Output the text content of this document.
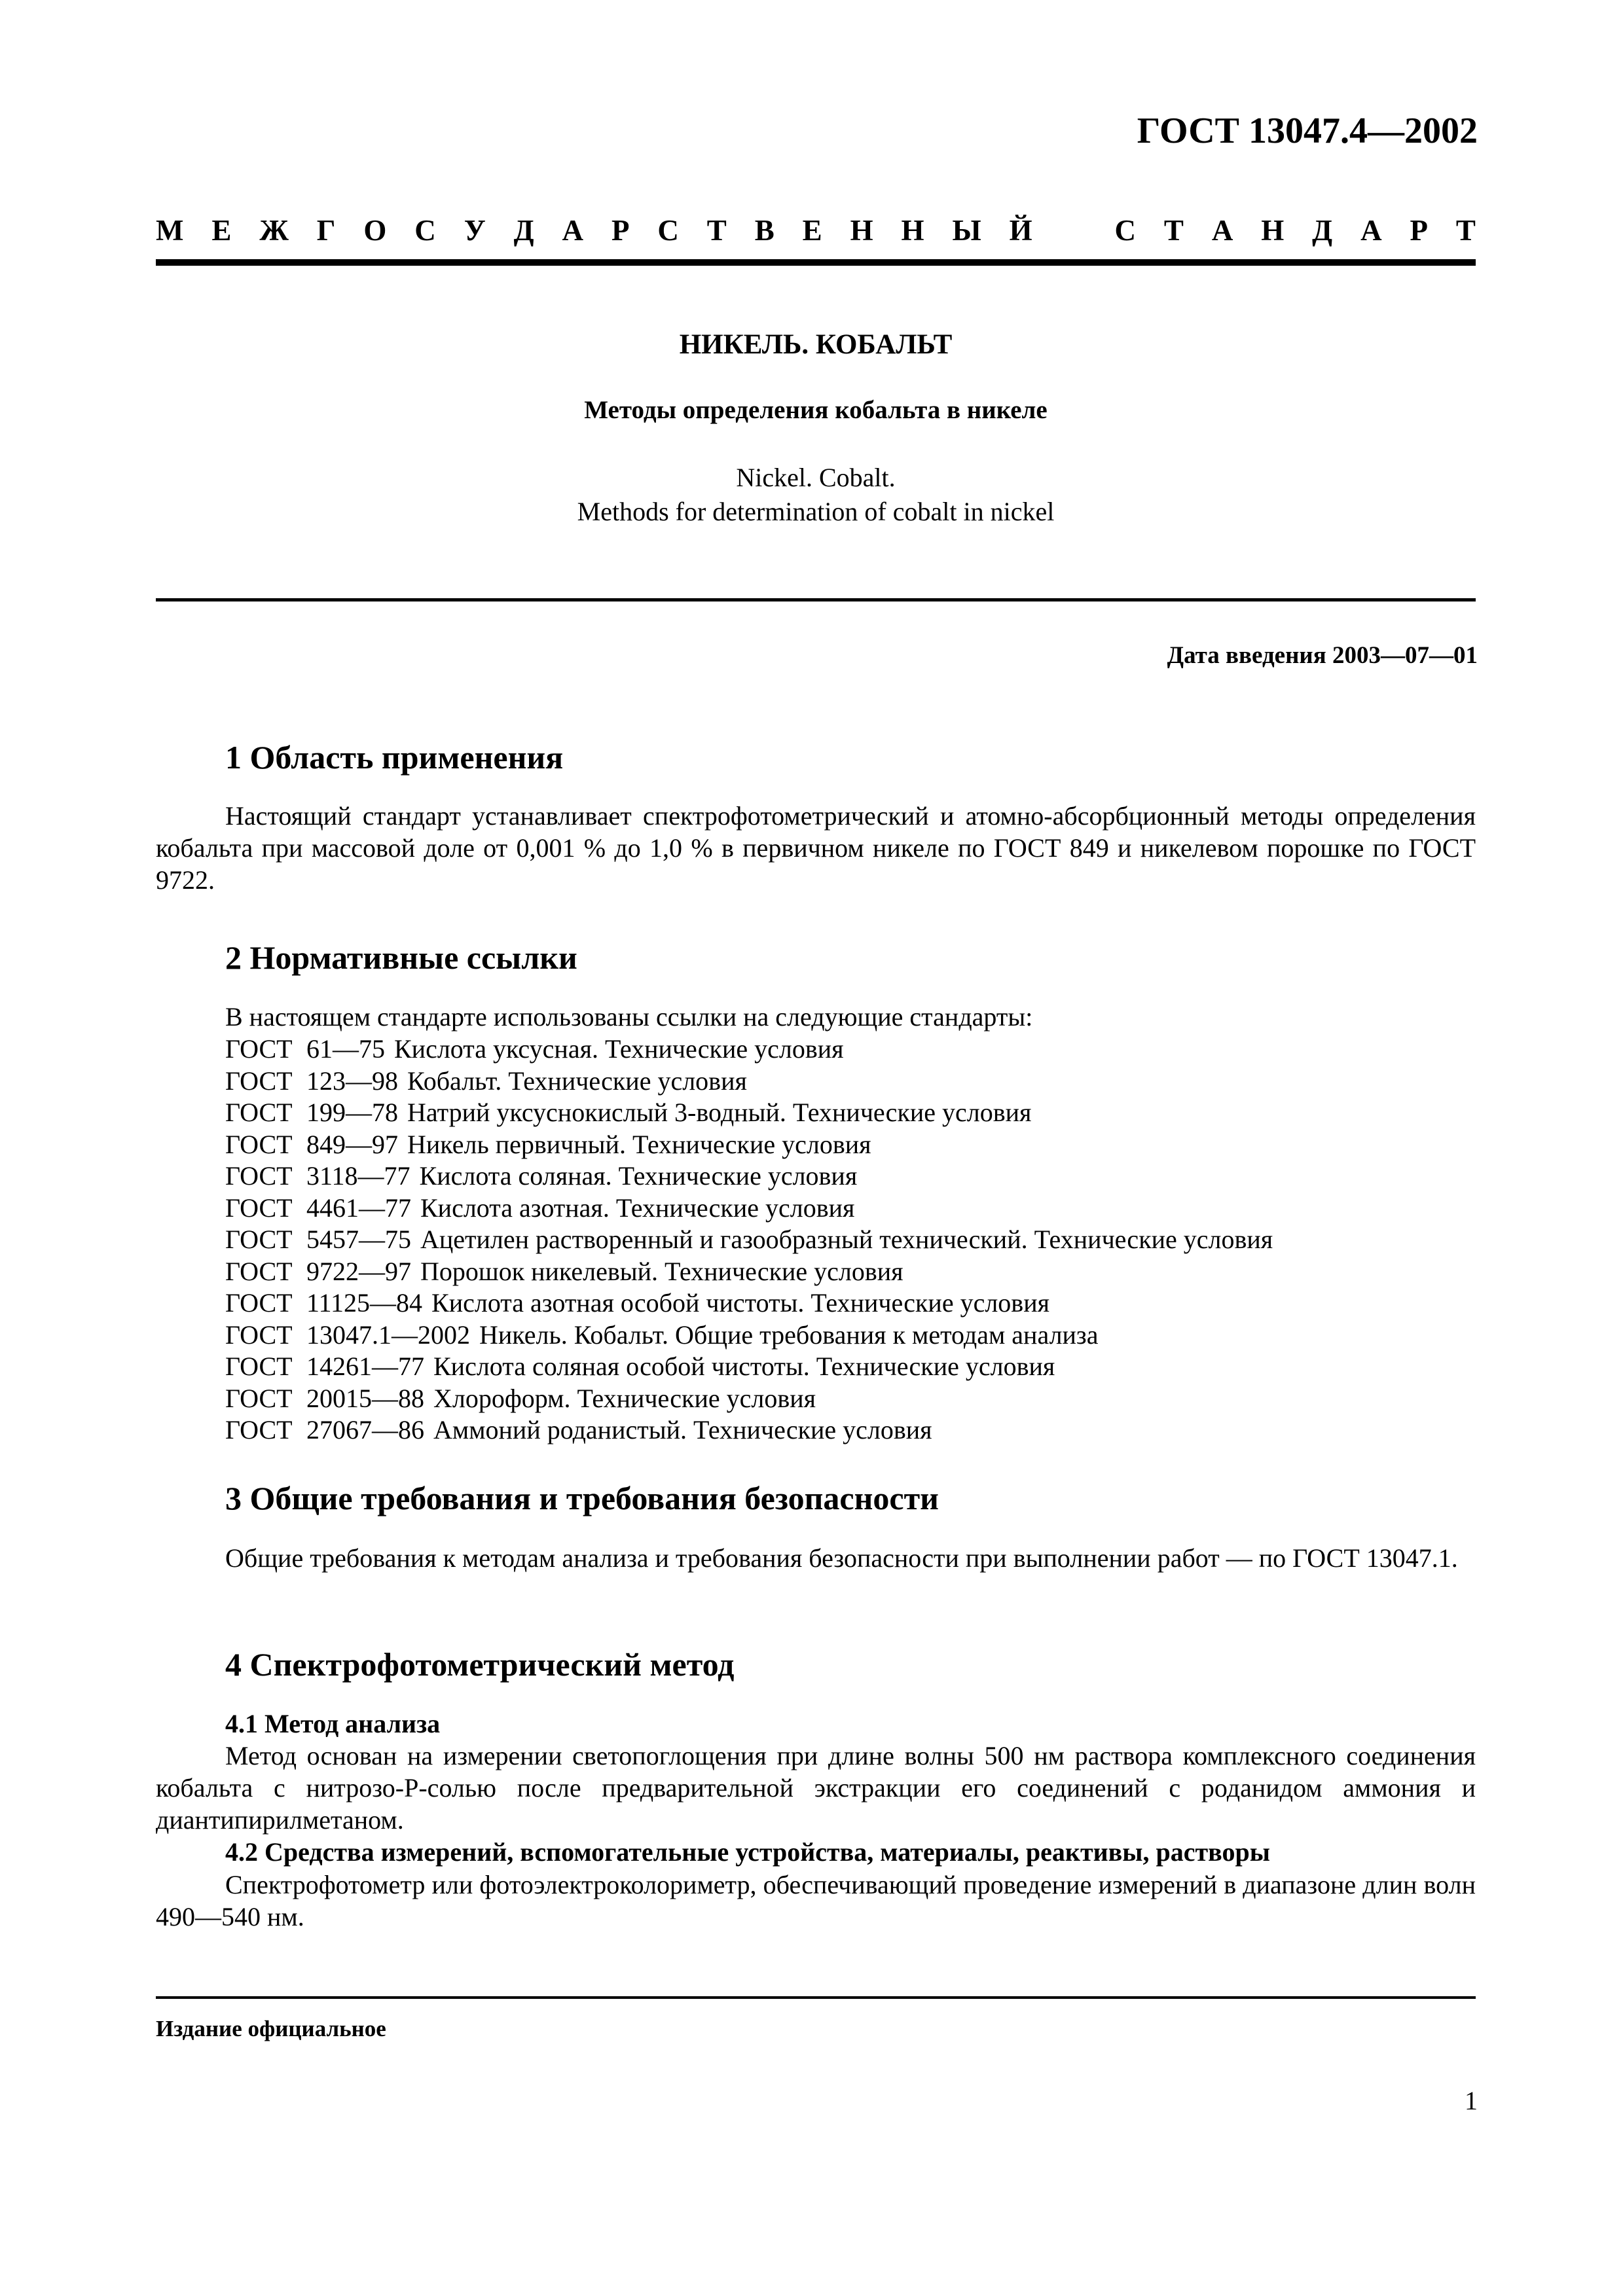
ГОСТ 13047.4—2002
М Е Ж Г О С У Д А Р С Т В Е Н Н Ы Й	С Т А Н Д А Р Т
НИКЕЛЬ. КОБАЛЬТ
Методы определения кобальта в никеле
Nickel. Cobalt.
Methods for determination of cobalt in nickel
Дата введения 2003—07—01
1 Область применения
Настоящий стандарт устанавливает спектрофотометрический и атомно-абсорбционный методы определения кобальта при массовой доле от 0,001 % до 1,0 % в первичном никеле по ГОСТ 849 и никелевом порошке по ГОСТ 9722.
2 Нормативные ссылки
В настоящем стандарте использованы ссылки на следующие стандарты:
ГОСТ 61—75 Кислота уксусная. Технические условия
ГОСТ 123—98 Кобальт. Технические условия
ГОСТ 199—78 Натрий уксуснокислый 3-водный. Технические условия
ГОСТ 849—97 Никель первичный. Технические условия
ГОСТ 3118—77 Кислота соляная. Технические условия
ГОСТ 4461—77 Кислота азотная. Технические условия
ГОСТ 5457—75 Ацетилен растворенный и газообразный технический. Технические условия
ГОСТ 9722—97 Порошок никелевый. Технические условия
ГОСТ 11125—84 Кислота азотная особой чистоты. Технические условия
ГОСТ 13047.1—2002 Никель. Кобальт. Общие требования к методам анализа
ГОСТ 14261—77 Кислота соляная особой чистоты. Технические условия
ГОСТ 20015—88 Хлороформ. Технические условия
ГОСТ 27067—86 Аммоний роданистый. Технические условия
3 Общие требования и требования безопасности
Общие требования к методам анализа и требования безопасности при выполнении работ — по ГОСТ 13047.1.
4 Спектрофотометрический метод
4.1 Метод анализа
Метод основан на измерении светопоглощения при длине волны 500 нм раствора комплексного соединения кобальта с нитрозо-Р-солью после предварительной экстракции его соединений с роданидом аммония и диантипирилметаном.
4.2 Средства измерений, вспомогательные устройства, материалы, реактивы, растворы
Спектрофотометр или фотоэлектроколориметр, обеспечивающий проведение измерений в диапазоне длин волн 490—540 нм.
Издание официальное
1
